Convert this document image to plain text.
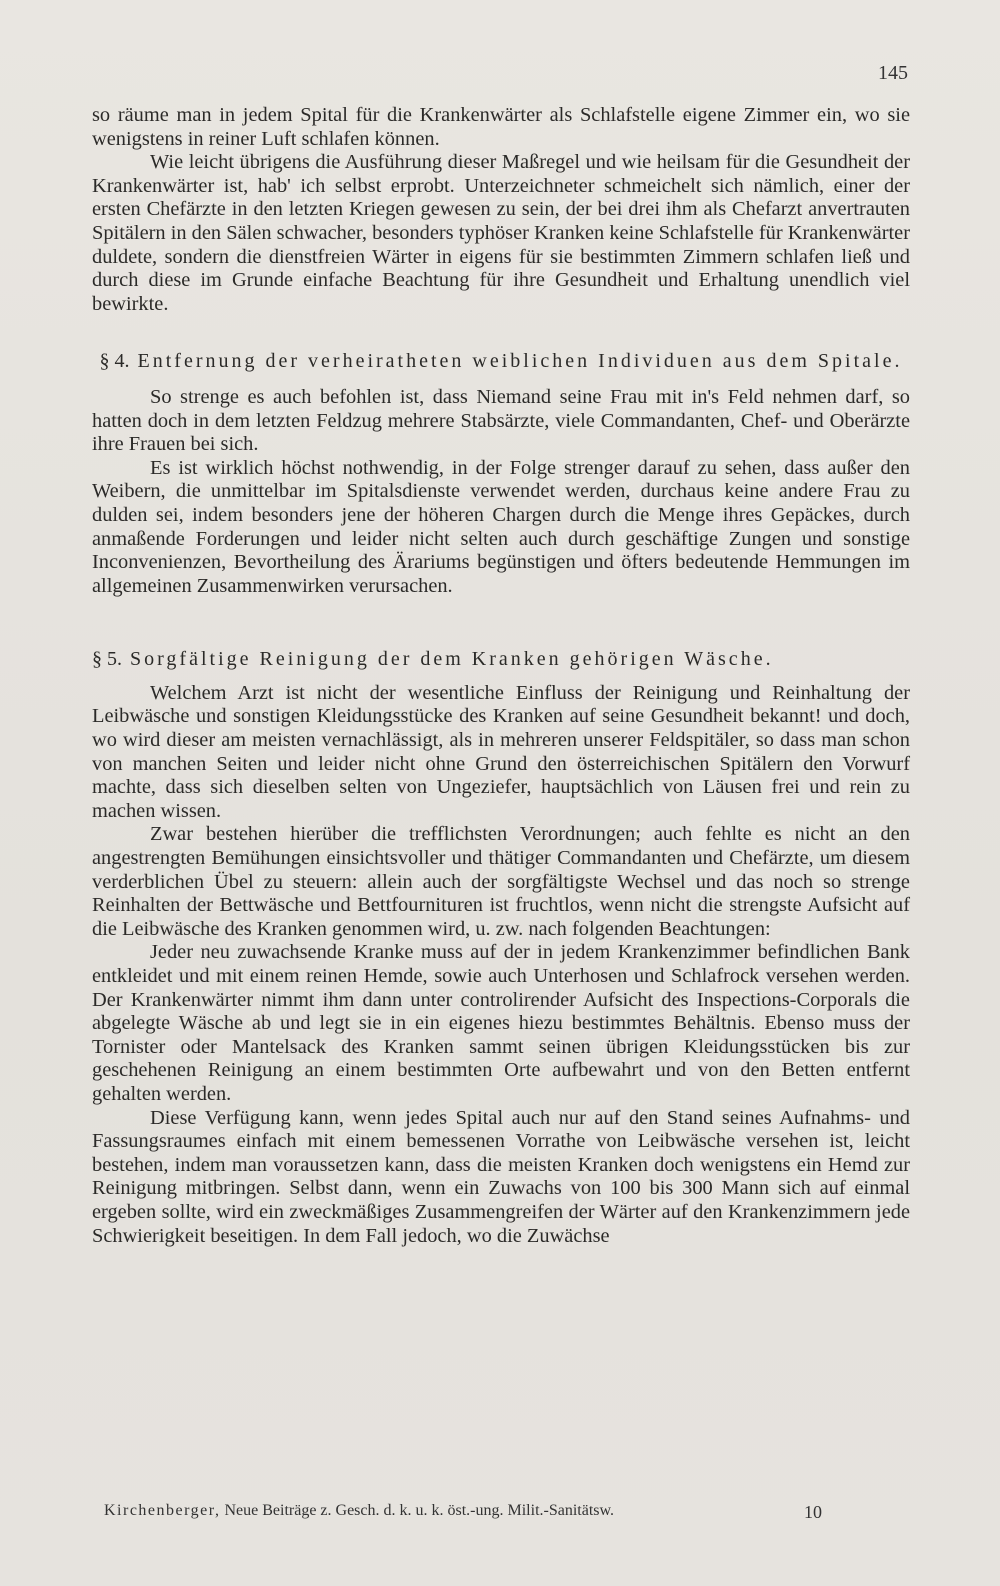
145

so räume man in jedem Spital für die Krankenwärter als Schlafstelle eigene Zimmer ein, wo sie wenigstens in reiner Luft schlafen können.

Wie leicht übrigens die Ausführung dieser Maßregel und wie heilsam für die Gesundheit der Krankenwärter ist, hab' ich selbst erprobt. Unterzeichneter schmeichelt sich nämlich, einer der ersten Chefärzte in den letzten Kriegen gewesen zu sein, der bei drei ihm als Chefarzt anvertrauten Spitälern in den Sälen schwacher, besonders typhöser Kranken keine Schlafstelle für Krankenwärter duldete, sondern die dienstfreien Wärter in eigens für sie bestimmten Zimmern schlafen ließ und durch diese im Grunde einfache Beachtung für ihre Gesundheit und Erhaltung unendlich viel bewirkte.

§ 4. Entfernung der verheiratheten weiblichen Individuen aus dem Spitale.

So strenge es auch befohlen ist, dass Niemand seine Frau mit in's Feld nehmen darf, so hatten doch in dem letzten Feldzug mehrere Stabsärzte, viele Commandanten, Chef- und Oberärzte ihre Frauen bei sich.

Es ist wirklich höchst nothwendig, in der Folge strenger darauf zu sehen, dass außer den Weibern, die unmittelbar im Spitalsdienste verwendet werden, durchaus keine andere Frau zu dulden sei, indem besonders jene der höheren Chargen durch die Menge ihres Gepäckes, durch anmaßende Forderungen und leider nicht selten auch durch geschäftige Zungen und sonstige Inconvenienzen, Bevortheilung des Ärariums begünstigen und öfters bedeutende Hemmungen im allgemeinen Zusammenwirken verursachen.

§ 5. Sorgfältige Reinigung der dem Kranken gehörigen Wäsche.

Welchem Arzt ist nicht der wesentliche Einfluss der Reinigung und Reinhaltung der Leibwäsche und sonstigen Kleidungsstücke des Kranken auf seine Gesundheit bekannt! und doch, wo wird dieser am meisten vernachlässigt, als in mehreren unserer Feldspitäler, so dass man schon von manchen Seiten und leider nicht ohne Grund den österreichischen Spitälern den Vorwurf machte, dass sich dieselben selten von Ungeziefer, hauptsächlich von Läusen frei und rein zu machen wissen.

Zwar bestehen hierüber die trefflichsten Verordnungen; auch fehlte es nicht an den angestrengten Bemühungen einsichtsvoller und thätiger Commandanten und Chefärzte, um diesem verderblichen Übel zu steuern: allein auch der sorgfältigste Wechsel und das noch so strenge Reinhalten der Bettwäsche und Bettfournituren ist fruchtlos, wenn nicht die strengste Aufsicht auf die Leibwäsche des Kranken genommen wird, u. zw. nach folgenden Beachtungen:

Jeder neu zuwachsende Kranke muss auf der in jedem Krankenzimmer befindlichen Bank entkleidet und mit einem reinen Hemde, sowie auch Unterhosen und Schlafrock versehen werden. Der Krankenwärter nimmt ihm dann unter controlirender Aufsicht des Inspections-Corporals die abgelegte Wäsche ab und legt sie in ein eigenes hiezu bestimmtes Behältnis. Ebenso muss der Tornister oder Mantelsack des Kranken sammt seinen übrigen Kleidungsstücken bis zur geschehenen Reinigung an einem bestimmten Orte aufbewahrt und von den Betten entfernt gehalten werden.

Diese Verfügung kann, wenn jedes Spital auch nur auf den Stand seines Aufnahms- und Fassungsraumes einfach mit einem bemessenen Vorrathe von Leibwäsche versehen ist, leicht bestehen, indem man voraussetzen kann, dass die meisten Kranken doch wenigstens ein Hemd zur Reinigung mitbringen. Selbst dann, wenn ein Zuwachs von 100 bis 300 Mann sich auf einmal ergeben sollte, wird ein zweckmäßiges Zusammengreifen der Wärter auf den Krankenzimmern jede Schwierigkeit beseitigen. In dem Fall jedoch, wo die Zuwächse

Kirchenberger, Neue Beiträge z. Gesch. d. k. u. k. öst.-ung. Milit.-Sanitätsw.	10
